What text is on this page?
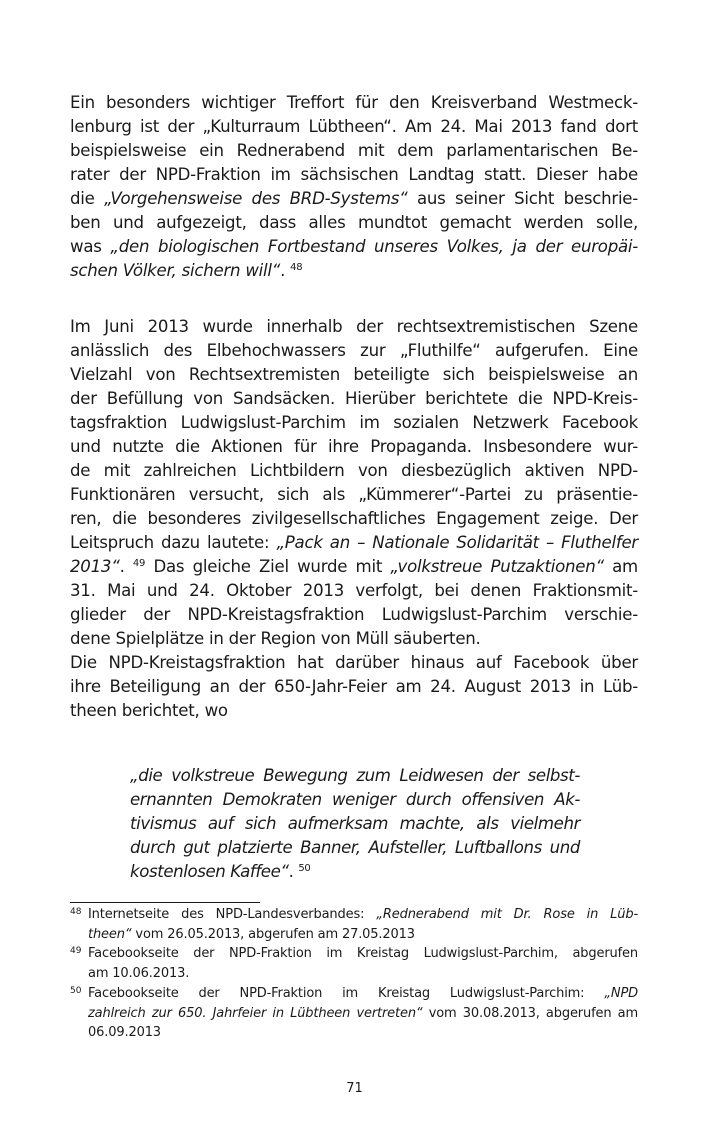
Ein besonders wichtiger Treffort für den Kreisverband Westmeck-
lenburg ist der „Kulturraum Lübtheen“. Am 24. Mai 2013 fand dort
beispielsweise ein Rednerabend mit dem parlamentarischen Be-
rater der NPD-Fraktion im sächsischen Landtag statt. Dieser habe
die „Vorgehensweise des BRD-Systems“ aus seiner Sicht beschrie-
ben und aufgezeigt, dass alles mundtot gemacht werden solle,
was „den biologischen Fortbestand unseres Volkes, ja der europäi-
schen Völker, sichern will“. $^{48}$
Im Juni 2013 wurde innerhalb der rechtsextremistischen Szene
anlässlich des Elbehochwassers zur „Fluthilfe“ aufgerufen. Eine
Vielzahl von Rechtsextremisten beteiligte sich beispielsweise an
der Befüllung von Sandsäcken. Hierüber berichtete die NPD-Kreis-
tagsfraktion Ludwigslust-Parchim im sozialen Netzwerk Facebook
und nutzte die Aktionen für ihre Propaganda. Insbesondere wur-
de mit zahlreichen Lichtbildern von diesbezüglich aktiven NPD-
Funktionären versucht, sich als „Kümmerer“-Partei zu präsentie-
ren, die besonderes zivilgesellschaftliches Engagement zeige. Der
Leitspruch dazu lautete: „Pack an – Nationale Solidarität – Fluthelfer
2013“. $^{49}$ Das gleiche Ziel wurde mit „volkstreue Putzaktionen“ am
31. Mai und 24. Oktober 2013 verfolgt, bei denen Fraktionsmit-
glieder der NPD-Kreistagsfraktion Ludwigslust-Parchim verschie-
dene Spielplätze in der Region von Müll säuberten.
Die NPD-Kreistagsfraktion hat darüber hinaus auf Facebook über
ihre Beteiligung an der 650-Jahr-Feier am 24. August 2013 in Lüb-
theen berichtet, wo
„die volkstreue Bewegung zum Leidwesen der selbst-
ernannten Demokraten weniger durch offensiven Ak-
tivismus auf sich aufmerksam machte, als vielmehr
durch gut platzierte Banner, Aufsteller, Luftballons und
kostenlosen Kaffee“. $^{50}$
48 Internetseite des NPD-Landesverbandes: „Rednerabend mit Dr. Rose in Lüb-
theen“ vom 26.05.2013, abgerufen am 27.05.2013
49 Facebookseite der NPD-Fraktion im Kreistag Ludwigslust-Parchim, abgerufen
am 10.06.2013.
50 Facebookseite der NPD-Fraktion im Kreistag Ludwigslust-Parchim: „NPD
zahlreich zur 650. Jahrfeier in Lübtheen vertreten“ vom 30.08.2013, abgerufen am
06.09.2013
71
